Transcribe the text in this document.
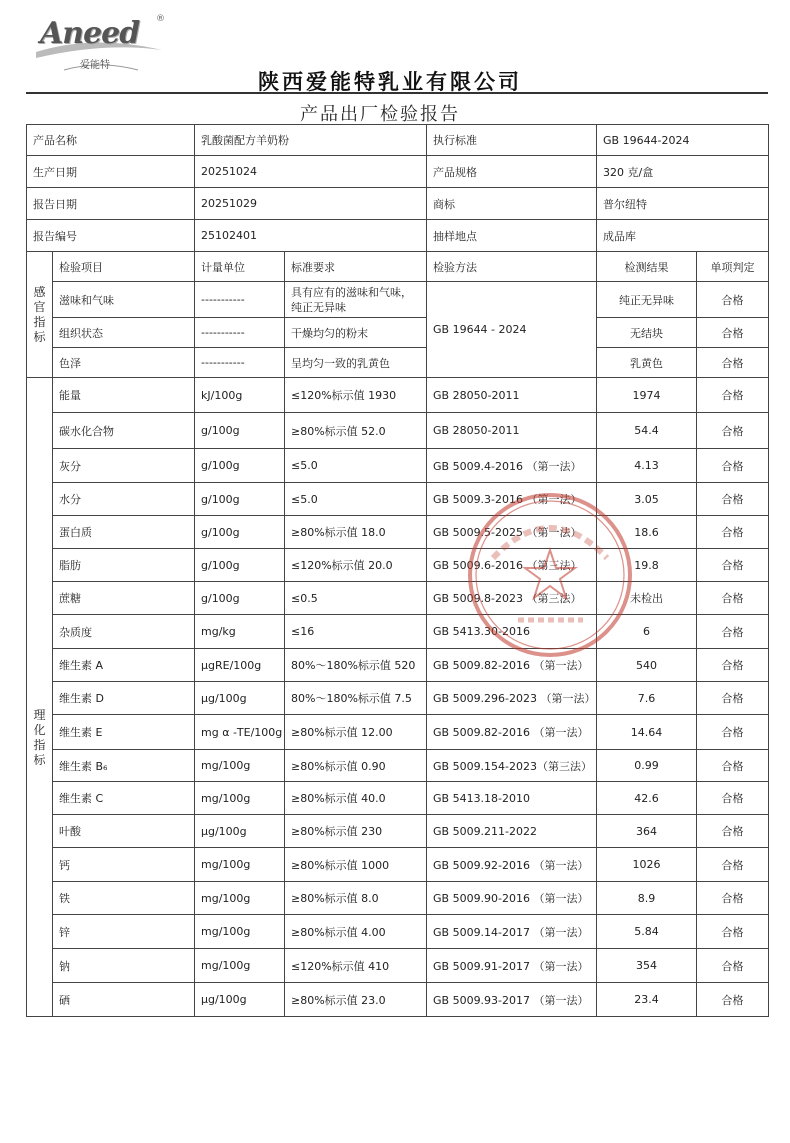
Aneed ®
爱能特
陕西爱能特乳业有限公司
产品出厂检验报告
产品名称		乳酸菌配方羊奶粉		执行标准	GB 19644-2024	
生产日期		20251024		产品规格	320 克/盒	
报告日期		20251029		商标	普尔纽特	
报告编号		25102401		抽样地点	成品库	
感官指标	检验项目	计量单位	标准要求	检验方法	检测结果	单项判定
	滋味和气味	-----------	具有应有的滋味和气味，纯正无异味	GB 19644 - 2024	纯正无异味	合格
	组织状态	-----------	干燥均匀的粉末		无结块	合格
	色泽	-----------	呈均匀一致的乳黄色		乳黄色	合格
理化指标	能量	kJ/100g	≤120%标示值 1930	GB 28050-2011	1974	合格
	碳水化合物	g/100g	≥80%标示值 52.0	GB 28050-2011	54.4	合格
	灰分	g/100g	≤5.0	GB 5009.4-2016 （第一法）	4.13	合格
	水分	g/100g	≤5.0	GB 5009.3-2016 （第一法）	3.05	合格
	蛋白质	g/100g	≥80%标示值 18.0	GB 5009.5-2025 （第一法）	18.6	合格
	脂肪	g/100g	≤120%标示值 20.0	GB 5009.6-2016 （第三法）	19.8	合格
	蔗糖	g/100g	≤0.5	GB 5009.8-2023 （第三法）	未检出	合格
	杂质度	mg/kg	≤16	GB 5413.30-2016	6	合格
	维生素 A	μgRE/100g	80%～180%标示值 520	GB 5009.82-2016 （第一法）	540	合格
	维生素 D	μg/100g	80%～180%标示值 7.5	GB 5009.296-2023 （第一法）	7.6	合格
	维生素 E	mg α -TE/100g	≥80%标示值 12.00	GB 5009.82-2016 （第一法）	14.64	合格
	维生素 B₆	mg/100g	≥80%标示值 0.90	GB 5009.154-2023（第三法）	0.99	合格
	维生素 C	mg/100g	≥80%标示值 40.0	GB 5413.18-2010	42.6	合格
	叶酸	μg/100g	≥80%标示值 230	GB 5009.211-2022	364	合格
	钙	mg/100g	≥80%标示值 1000	GB 5009.92-2016 （第一法）	1026	合格
	铁	mg/100g	≥80%标示值 8.0	GB 5009.90-2016 （第一法）	8.9	合格
	锌	mg/100g	≥80%标示值 4.00	GB 5009.14-2017 （第一法）	5.84	合格
	钠	mg/100g	≤120%标示值 410	GB 5009.91-2017 （第一法）	354	合格
	硒	μg/100g	≥80%标示值 23.0	GB 5009.93-2017 （第一法）	23.4	合格
